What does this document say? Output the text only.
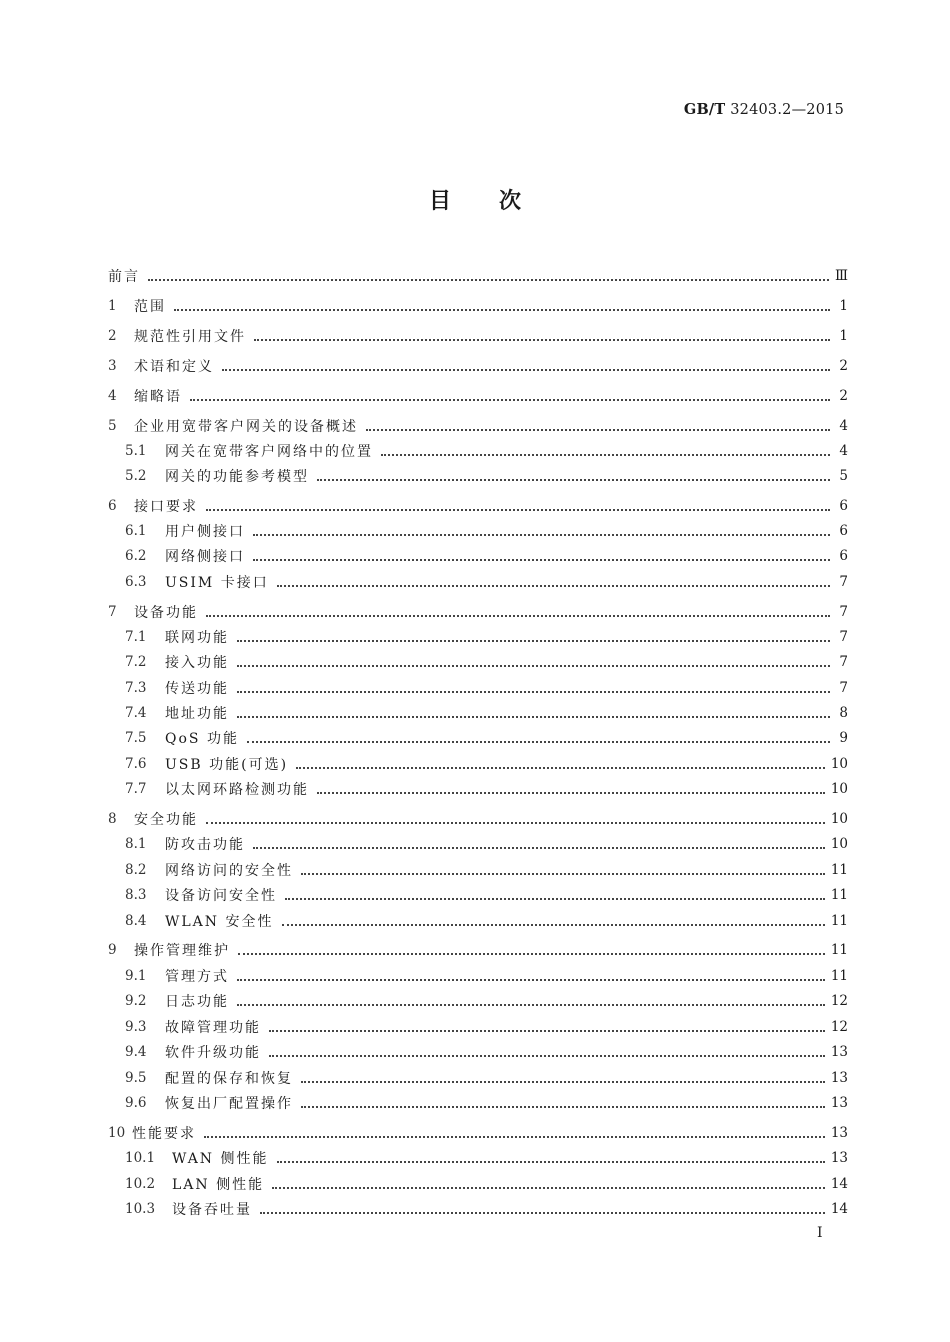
GB/T 32403.2—2015
目次
前言	Ⅲ
1	范围	1
2	规范性引用文件	1
3	术语和定义	2
4	缩略语	2
5	企业用宽带客户网关的设备概述	4
5.1	网关在宽带客户网络中的位置	4
5.2	网关的功能参考模型	5
6	接口要求	6
6.1	用户侧接口	6
6.2	网络侧接口	6
6.3	USIM 卡接口	7
7	设备功能	7
7.1	联网功能	7
7.2	接入功能	7
7.3	传送功能	7
7.4	地址功能	8
7.5	QoS 功能	9
7.6	USB 功能(可选)	10
7.7	以太网环路检测功能	10
8	安全功能	10
8.1	防攻击功能	10
8.2	网络访问的安全性	11
8.3	设备访问安全性	11
8.4	WLAN 安全性	11
9	操作管理维护	11
9.1	管理方式	11
9.2	日志功能	12
9.3	故障管理功能	12
9.4	软件升级功能	13
9.5	配置的保存和恢复	13
9.6	恢复出厂配置操作	13
10 性能要求	13
10.1	WAN 侧性能	13
10.2	LAN 侧性能	14
10.3	设备吞吐量	14
Ⅰ
